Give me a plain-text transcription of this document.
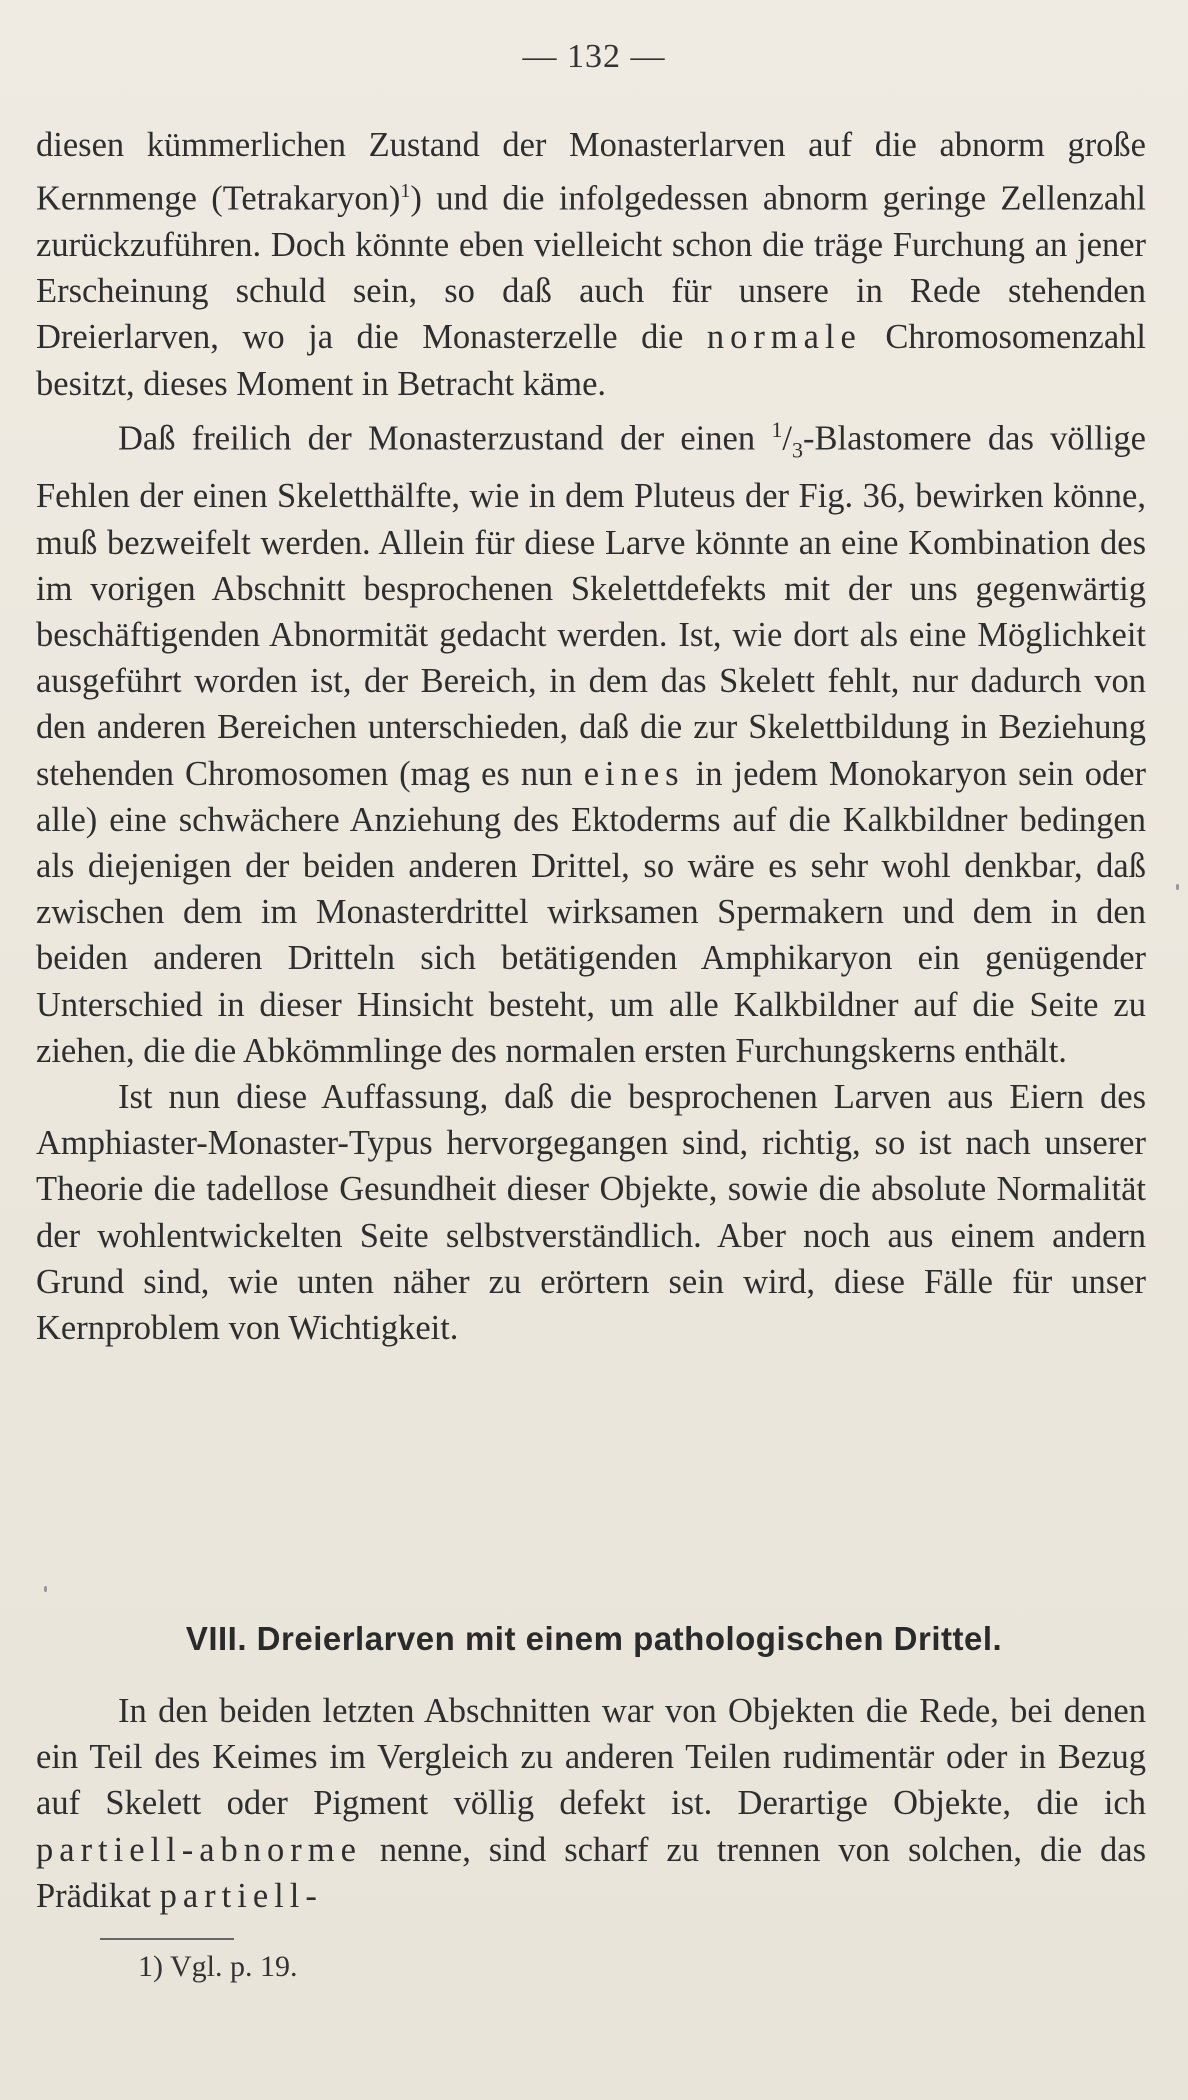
— 132 —

diesen kümmerlichen Zustand der Monasterlarven auf die abnorm große Kernmenge (Tetrakaryon)$^1$) und die infolgedessen abnorm geringe Zellenzahl zurückzuführen. Doch könnte eben vielleicht schon die träge Furchung an jener Erscheinung schuld sein, so daß auch für unsere in Rede stehenden Dreierlarven, wo ja die Monasterzelle die normale Chromosomenzahl besitzt, dieses Moment in Betracht käme.

Daß freilich der Monasterzustand der einen $^1/_3$-Blastomere das völlige Fehlen der einen Skeletthälfte, wie in dem Pluteus der Fig. 36, bewirken könne, muß bezweifelt werden. Allein für diese Larve könnte an eine Kombination des im vorigen Abschnitt besprochenen Skelettdefekts mit der uns gegenwärtig beschäftigenden Abnormität gedacht werden. Ist, wie dort als eine Möglichkeit ausgeführt worden ist, der Bereich, in dem das Skelett fehlt, nur dadurch von den anderen Bereichen unterschieden, daß die zur Skelettbildung in Beziehung stehenden Chromosomen (mag es nun eines in jedem Monokaryon sein oder alle) eine schwächere Anziehung des Ektoderms auf die Kalkbildner bedingen als diejenigen der beiden anderen Drittel, so wäre es sehr wohl denkbar, daß zwischen dem im Monasterdrittel wirksamen Spermakern und dem in den beiden anderen Dritteln sich betätigenden Amphikaryon ein genügender Unterschied in dieser Hinsicht besteht, um alle Kalkbildner auf die Seite zu ziehen, die die Abkömmlinge des normalen ersten Furchungskerns enthält.

Ist nun diese Auffassung, daß die besprochenen Larven aus Eiern des Amphiaster-Monaster-Typus hervorgegangen sind, richtig, so ist nach unserer Theorie die tadellose Gesundheit dieser Objekte, sowie die absolute Normalität der wohlentwickelten Seite selbstverständlich. Aber noch aus einem andern Grund sind, wie unten näher zu erörtern sein wird, diese Fälle für unser Kernproblem von Wichtigkeit.

VIII. Dreierlarven mit einem pathologischen Drittel.

In den beiden letzten Abschnitten war von Objekten die Rede, bei denen ein Teil des Keimes im Vergleich zu anderen Teilen rudimentär oder in Bezug auf Skelett oder Pigment völlig defekt ist. Derartige Objekte, die ich partiell-abnorme nenne, sind scharf zu trennen von solchen, die das Prädikat partiell-

1) Vgl. p. 19.
